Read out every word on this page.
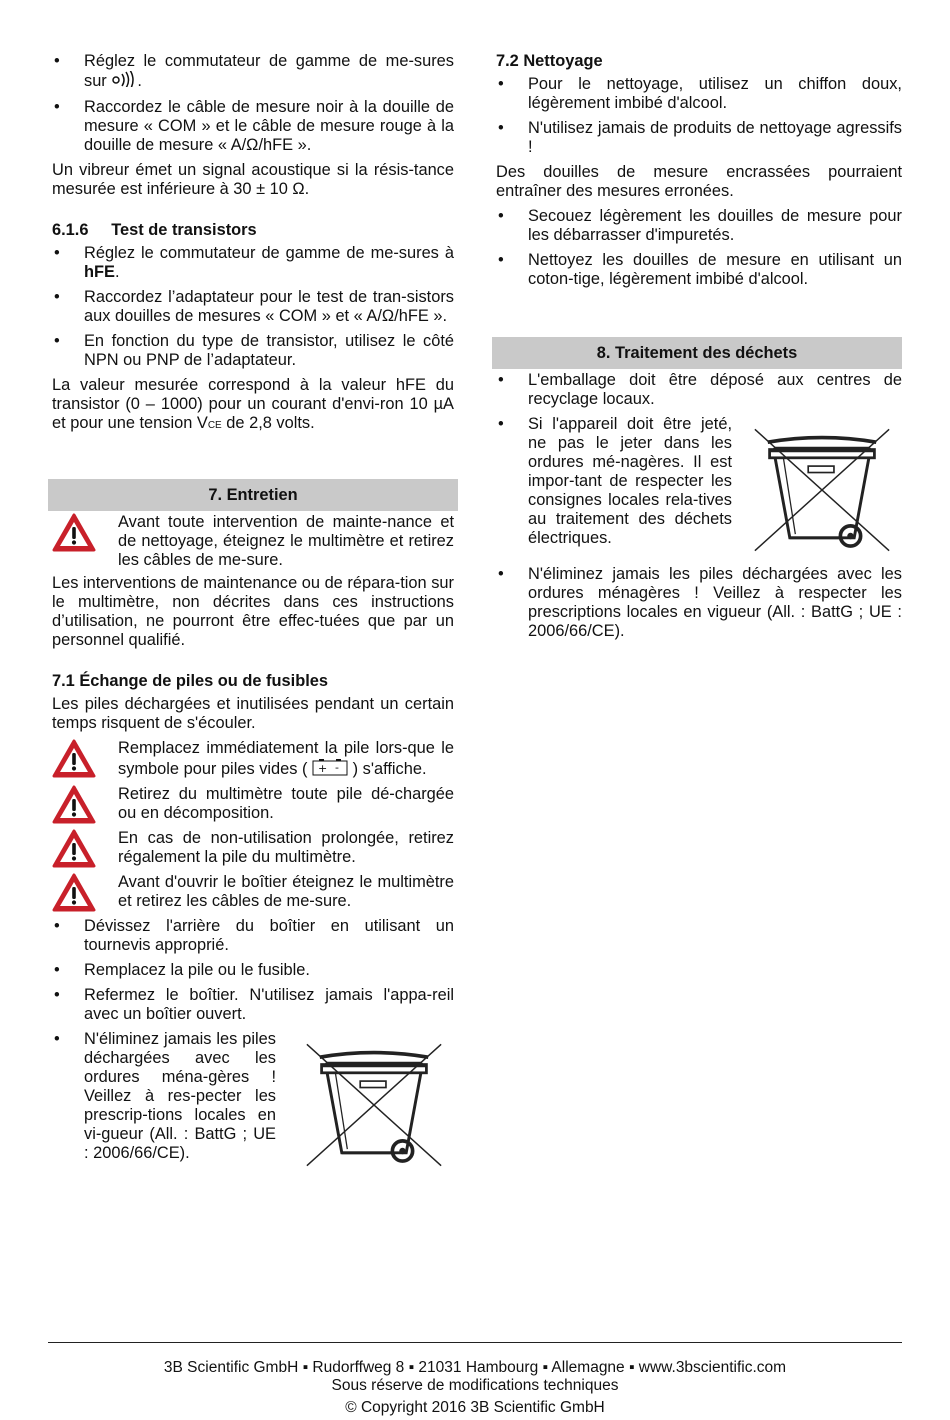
• Réglez le commutateur de gamme de me-sures sur .
• Raccordez le câble de mesure noir à la douille de mesure « COM » et le câble de mesure rouge à la douille de mesure « A/Ω/hFE ».

Un vibreur émet un signal acoustique si la résis-tance mesurée est inférieure à 30 ± 10 Ω.

6.1.6     Test de transistors
• Réglez le commutateur de gamme de me-sures à hFE.
• Raccordez l’adaptateur pour le test de tran-sistors aux douilles de mesures « COM » et « A/Ω/hFE ».
• En fonction du type de transistor, utilisez le côté NPN ou PNP de l’adaptateur.

La valeur mesurée correspond à la valeur hFE du transistor (0 – 1000) pour un courant d'envi-ron 10 µA et pour une tension VCE de 2,8 volts.

7. Entretien
Avant toute intervention de mainte-nance et de nettoyage, éteignez le multimètre et retirez les câbles de me-sure.

Les interventions de maintenance ou de répara-tion sur le multimètre, non décrites dans ces instructions d’utilisation, ne pourront être effec-tuées que par un personnel qualifié.

7.1 Échange de piles ou de fusibles

Les piles déchargées et inutilisées pendant un certain temps risquent de s'écouler.

Remplacez immédiatement la pile lors-que le symbole pour piles vides ( + - ) s'affiche.
Retirez du multimètre toute pile dé-chargée ou en décomposition.
En cas de non-utilisation prolongée, retirez régalement la pile du multimètre.
Avant d'ouvrir le boîtier éteignez le multimètre et retirez les câbles de me-sure.
• Dévissez l'arrière du boîtier en utilisant un tournevis approprié.
• Remplacez la pile ou le fusible.
• Refermez le boîtier. N'utilisez jamais l'appa-reil avec un boîtier ouvert.
• N'éliminez jamais les piles déchargées avec les ordures ména-gères ! Veillez à res-pecter les prescrip-tions locales en vi-gueur (All. : BattG ; UE : 2006/66/CE).
7.2 Nettoyage
• Pour le nettoyage, utilisez un chiffon doux, légèrement imbibé d'alcool.
• N'utilisez jamais de produits de nettoyage agressifs !

Des douilles de mesure encrassées pourraient entraîner des mesures erronées.

• Secouez légèrement les douilles de mesure pour les débarrasser d'impuretés.
• Nettoyez les douilles de mesure en utilisant un coton-tige, légèrement imbibé d'alcool.
8. Traitement des déchets
• L'emballage doit être déposé aux centres de recyclage locaux.
• Si l'appareil doit être jeté, ne pas le jeter dans les ordures mé-nagères. Il est impor-tant de respecter les consignes locales rela-tives au traitement des déchets électriques.
• N'éliminez jamais les piles déchargées avec les ordures ménagères ! Veillez à respecter les prescriptions locales en vigueur (All. : BattG ; UE : 2006/66/CE).
3B Scientific GmbH ▪ Rudorffweg 8 ▪ 21031 Hambourg ▪ Allemagne ▪ www.3bscientific.com
Sous réserve de modifications techniques
© Copyright 2016 3B Scientific GmbH
